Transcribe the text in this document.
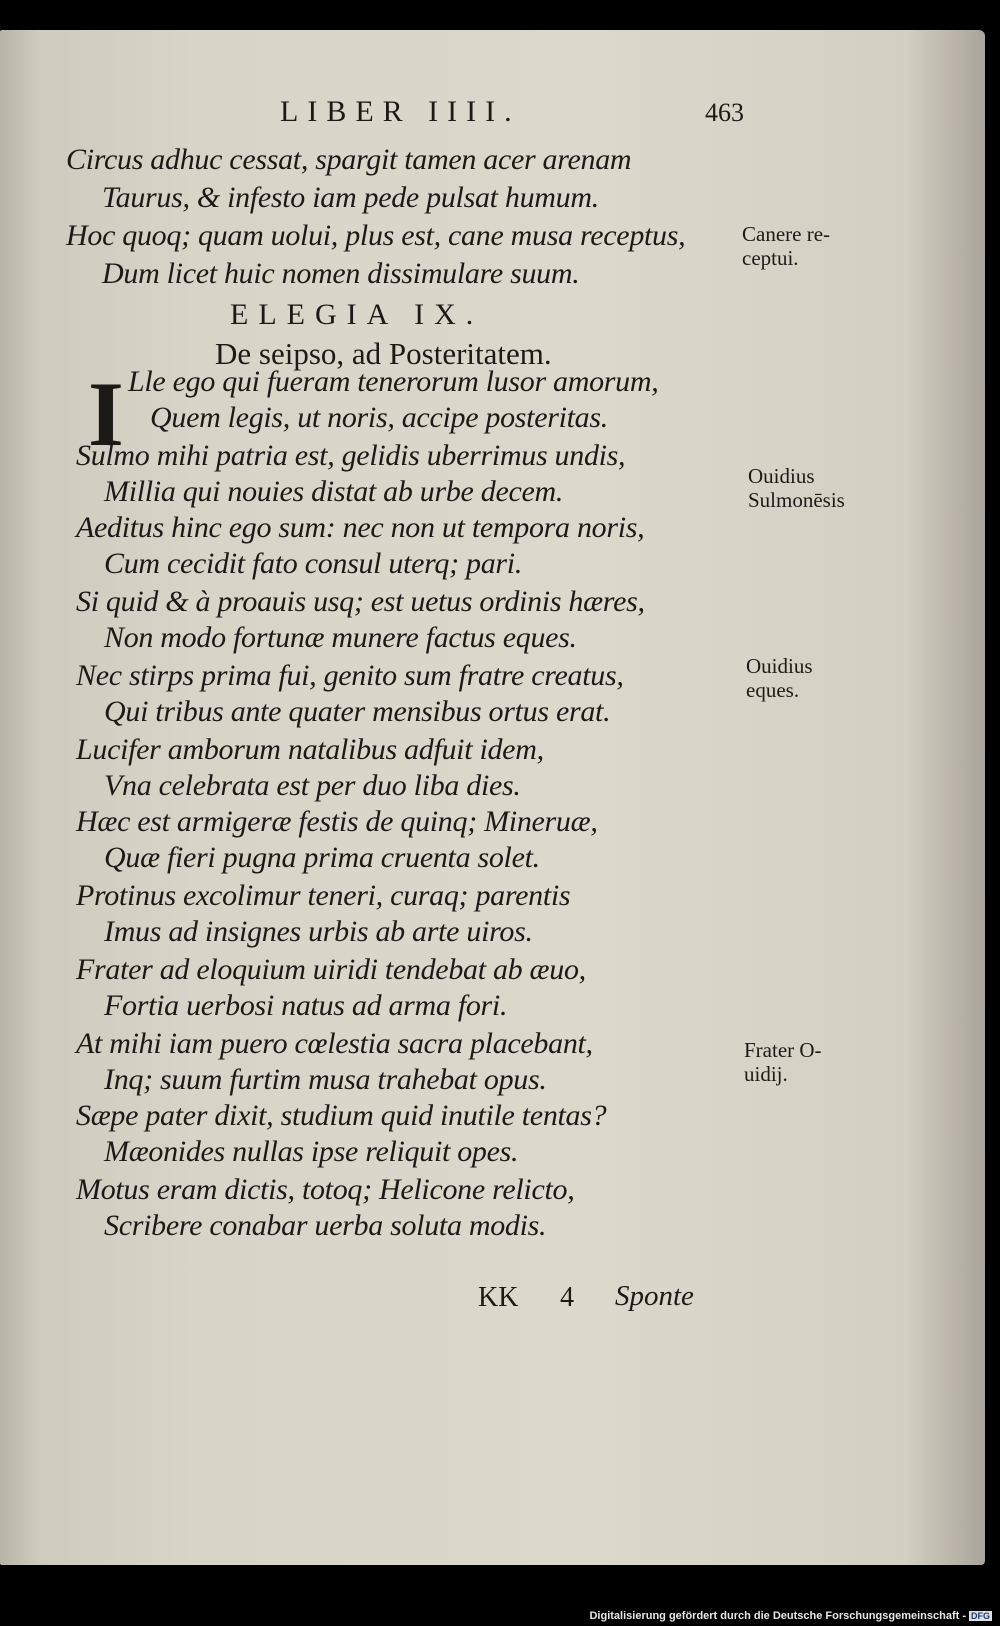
LIBER IIII.	463
Circus adhuc cessat, spargit tamen acer arenam
Taurus, & infesto iam pede pulsat humum.
Hoc quoq; quam uolui, plus est, cane musa receptus,
Dum licet huic nomen dissimulare suum.
ELEGIA IX.
De seipso, ad Posteritatem.
I Lle ego qui fueram tenerorum lusor amorum,
Quem legis, ut noris, accipe posteritas.
Sulmo mihi patria est, gelidis uberrimus undis,
Millia qui nouies distat ab urbe decem.
Aeditus hinc ego sum: nec non ut tempora noris,
Cum cecidit fato consul uterq; pari.
Si quid & à proauis usq; est uetus ordinis hæres,
Non modo fortunæ munere factus eques.
Nec stirps prima fui, genito sum fratre creatus,
Qui tribus ante quater mensibus ortus erat.
Lucifer amborum natalibus adfuit idem,
Vna celebrata est per duo liba dies.
Hæc est armigeræ festis de quinq; Mineruæ,
Quæ fieri pugna prima cruenta solet.
Protinus excolimur teneri, curaq; parentis
Imus ad insignes urbis ab arte uiros.
Frater ad eloquium uiridi tendebat ab æuo,
Fortia uerbosi natus ad arma fori.
At mihi iam puero cœlestia sacra placebant,
Inq; suum furtim musa trahebat opus.
Sæpe pater dixit, studium quid inutile tentas?
Mæonides nullas ipse reliquit opes.
Motus eram dictis, totoq; Helicone relicto,
Scribere conabar uerba soluta modis.
Canere re-
ceptui.
Ouidius
Sulmonēsis
Ouidius
eques.
Frater O-
uidij.
KK 4 Sponte
Digitalisierung gefördert durch die Deutsche Forschungsgemeinschaft - DFG
